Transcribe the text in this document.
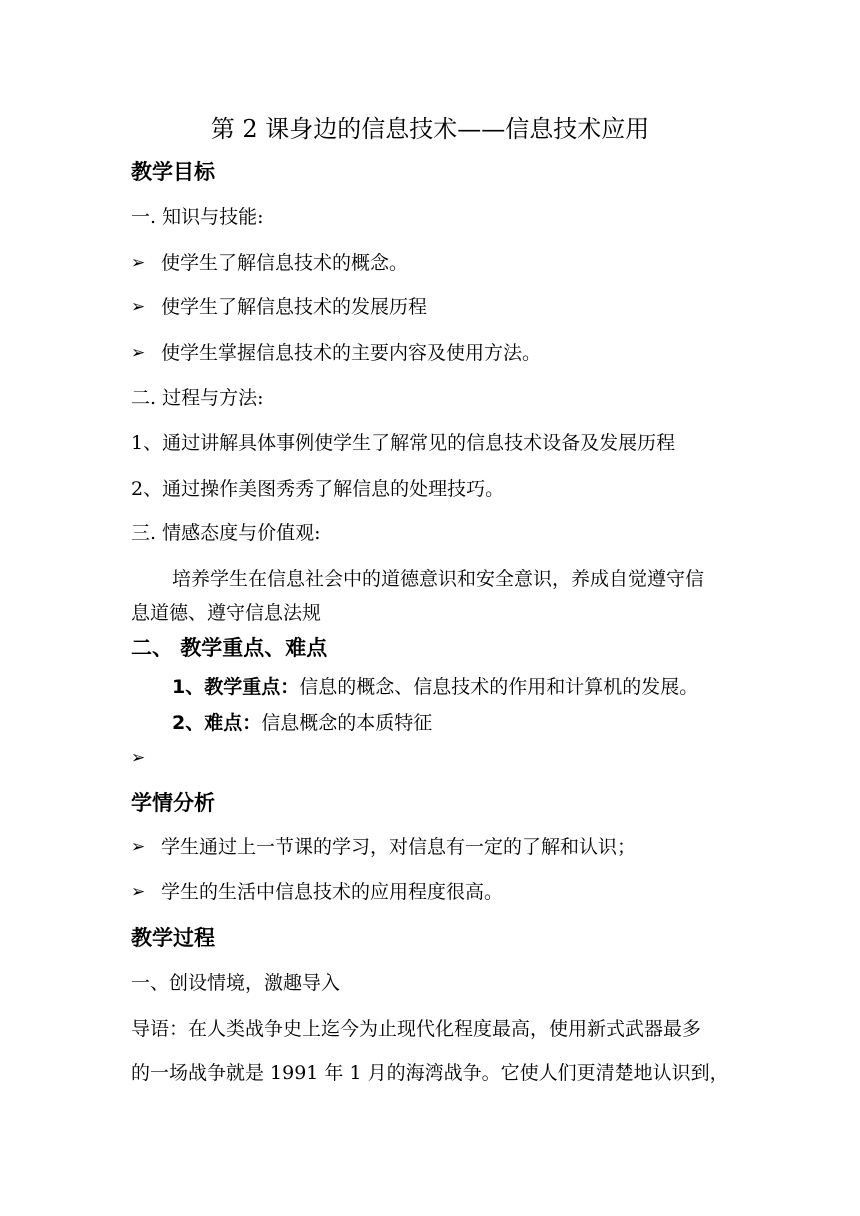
第 2 课身边的信息技术——信息技术应用
教学目标
一. 知识与技能:
➢ 使学生了解信息技术的概念。
➢ 使学生了解信息技术的发展历程
➢ 使学生掌握信息技术的主要内容及使用方法。
二. 过程与方法:
1、通过讲解具体事例使学生了解常见的信息技术设备及发展历程
2、通过操作美图秀秀了解信息的处理技巧。
三. 情感态度与价值观:
培养学生在信息社会中的道德意识和安全意识，养成自觉遵守信
息道德、遵守信息法规
二、 教学重点、难点
1、教学重点：信息的概念、信息技术的作用和计算机的发展。
2、难点：信息概念的本质特征
➢
学情分析
➢ 学生通过上一节课的学习，对信息有一定的了解和认识；
➢ 学生的生活中信息技术的应用程度很高。
教学过程
一、创设情境，激趣导入
导语：在人类战争史上迄今为止现代化程度最高，使用新式武器最多
的一场战争就是 1991 年 1 月的海湾战争。它使人们更清楚地认识到，
